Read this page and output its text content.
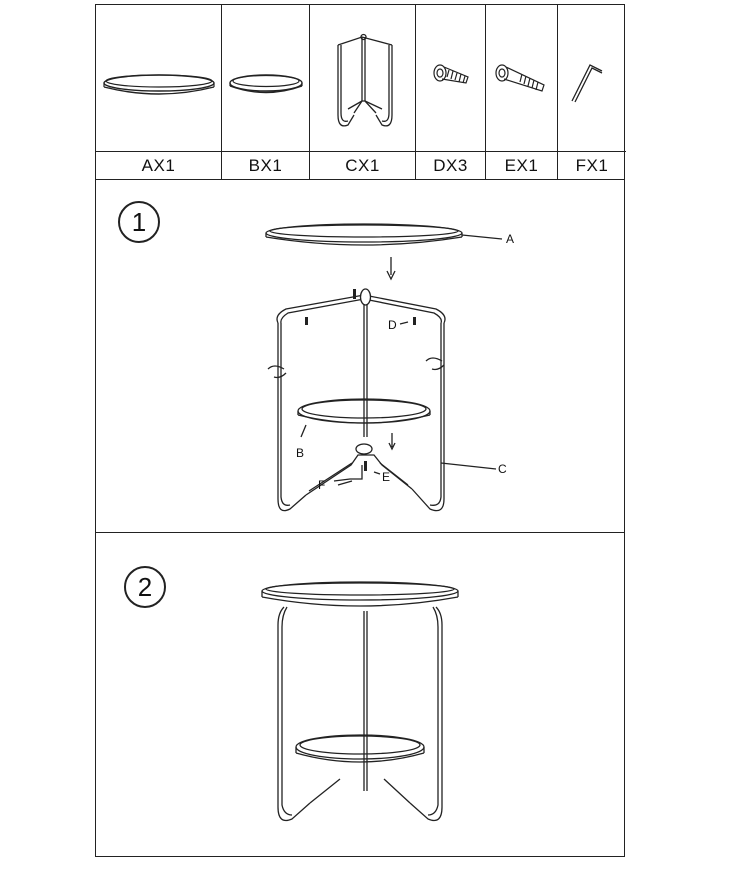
AX1	BX1	CX1	DX3	EX1	FX1
1
A
B
C
D
E
F
2
